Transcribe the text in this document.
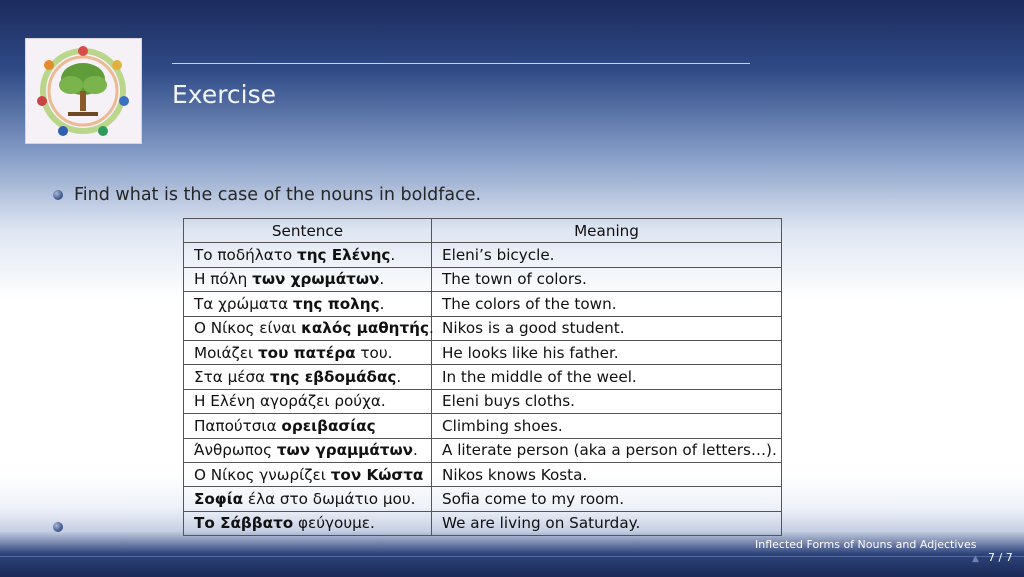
Exercise
Find what is the case of the nouns in boldface.
Sentence	Meaning
Το ποδήλατο της Ελένης.	Eleni’s bicycle.
Η πόλη των χρωμάτων.	The town of colors.
Τα χρώματα της πολης.	The colors of the town.
Ο Νίκος είναι καλός μαθητής.	Nikos is a good student.
Μοιάζει του πατέρα του.	He looks like his father.
Στα μέσα της εβδομάδας.	In the middle of the weel.
Η Ελένη αγοράζει ρούχα.	Eleni buys cloths.
Παπούτσια ορειβασίας	Climbing shoes.
Άνθρωπος των γραμμάτων.	A literate person (aka a person of letters…).
Ο Νίκος γνωρίζει τον Κώστα	Nikos knows Kosta.
Σοφία έλα στο δωμάτιο μου.	Sofia come to my room.
Το Σάββατο φεύγουμε.	We are living on Saturday.
Inflected Forms of Nouns and Adjectives
▲ 7 / 7
